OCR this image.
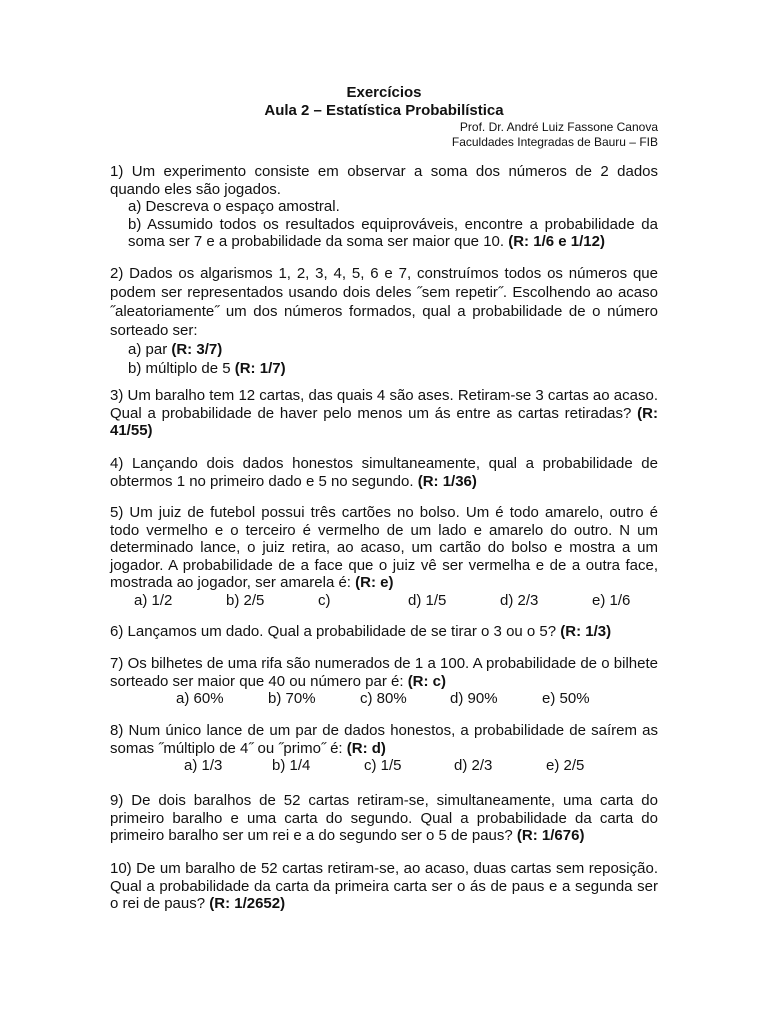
Exercícios
Aula 2 – Estatística Probabilística
Prof. Dr. André Luiz Fassone Canova
Faculdades Integradas de Bauru – FIB

1) Um experimento consiste em observar a soma dos números de 2 dados quando eles são jogados.

a) Descreva o espaço amostral.

b) Assumido todos os resultados equiprováveis, encontre a probabilidade da soma ser 7 e a probabilidade da soma ser maior que 10. (R: 1/6 e 1/12)

2) Dados os algarismos 1, 2, 3, 4, 5, 6 e 7, construímos todos os números que podem ser representados usando dois deles ˝sem repetir˝. Escolhendo ao acaso ˝aleatoriamente˝ um dos números formados, qual a probabilidade de o número sorteado ser:

a) par (R: 3/7)

b) múltiplo de 5 (R: 1/7)

3) Um baralho tem 12 cartas, das quais 4 são ases. Retiram-se 3 cartas ao acaso. Qual a probabilidade de haver pelo menos um ás entre as cartas retiradas? (R: 41/55)

4) Lançando dois dados honestos simultaneamente, qual a probabilidade de obtermos 1 no primeiro dado e 5 no segundo. (R: 1/36)

5) Um juiz de futebol possui três cartões no bolso. Um é todo amarelo, outro é todo vermelho e o terceiro é vermelho de um lado e amarelo do outro. N um determinado lance, o juiz retira, ao acaso, um cartão do bolso e mostra a um jogador. A probabilidade de a face que o juiz vê ser vermelha e de a outra face, mostrada ao jogador, ser amarela é: (R: e)

a) 1/2	b) 2/5	c)	d) 1/5	d) 2/3	e) 1/6

6) Lançamos um dado. Qual a probabilidade de se tirar o 3 ou o 5? (R: 1/3)

7) Os bilhetes de uma rifa são numerados de 1 a 100. A probabilidade de o bilhete sorteado ser maior que 40 ou número par é: (R: c)

a) 60%	b) 70%	c) 80%	d) 90%	e) 50%

8) Num único lance de um par de dados honestos, a probabilidade de saírem as somas ˝múltiplo de 4˝ ou ˝primo˝ é: (R: d)

a) 1/3	b) 1/4	c) 1/5	d) 2/3	e) 2/5

9) De dois baralhos de 52 cartas retiram-se, simultaneamente, uma carta do primeiro baralho e uma carta do segundo. Qual a probabilidade da carta do primeiro baralho ser um rei e a do segundo ser o 5 de paus? (R: 1/676)

10) De um baralho de 52 cartas retiram-se, ao acaso, duas cartas sem reposição. Qual a probabilidade da carta da primeira carta ser o ás de paus e a segunda ser o rei de paus? (R: 1/2652)
